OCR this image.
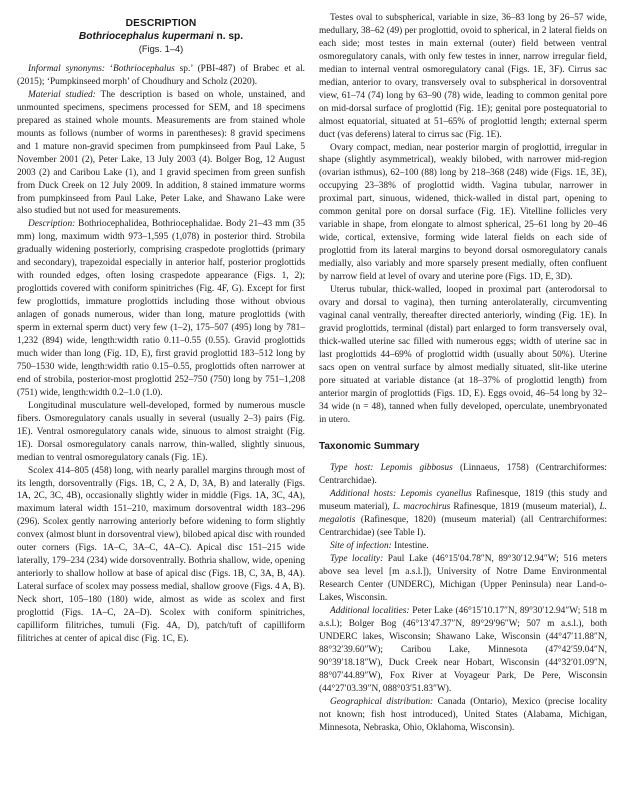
DESCRIPTION
Bothriocephalus kupermani n. sp.
(Figs. 1–4)

Informal synonyms: ‘Bothriocephalus sp.’ (PBI-487) of Brabec et al. (2015); ‘Pumpkinseed morph’ of Choudhury and Scholz (2020).

Material studied: The description is based on whole, unstained, and unmounted specimens, specimens processed for SEM, and 18 specimens prepared as stained whole mounts. Measurements are from stained whole mounts as follows (number of worms in parentheses): 8 gravid specimens and 1 mature non-gravid specimen from pumpkinseed from Paul Lake, 5 November 2001 (2), Peter Lake, 13 July 2003 (4). Bolger Bog, 12 August 2003 (2) and Caribou Lake (1), and 1 gravid specimen from green sunfish from Duck Creek on 12 July 2009. In addition, 8 stained immature worms from pumpkinseed from Paul Lake, Peter Lake, and Shawano Lake were also studied but not used for measurements.

Description: Bothriocephalidea, Bothriocephalidae. Body 21–43 mm (35 mm) long, maximum width 973–1,595 (1,078) in posterior third. Strobila gradually widening posteriorly, comprising craspedote proglottids (primary and secondary), trapezoidal especially in anterior half, posterior proglottids with rounded edges, often losing craspedote appearance (Figs. 1, 2); proglottids covered with coniform spinitriches (Fig. 4F, G). Except for first few proglottids, immature proglottids including those without obvious anlagen of gonads numerous, wider than long, mature proglottids (with sperm in external sperm duct) very few (1–2), 175–507 (495) long by 781–1,232 (894) wide, length:width ratio 0.11–0.55 (0.55). Gravid proglottids much wider than long (Fig. 1D, E), first gravid proglottid 183–512 long by 750–1530 wide, length:width ratio 0.15–0.55, proglottids often narrower at end of strobila, posterior-most proglottid 252–750 (750) long by 751–1,208 (751) wide, length:width 0.2–1.0 (1.0).

Longitudinal musculature well-developed, formed by numerous muscle fibers. Osmoregulatory canals usually in several (usually 2–3) pairs (Fig. 1E). Ventral osmoregulatory canals wide, sinuous to almost straight (Fig. 1E). Dorsal osmoregulatory canals narrow, thin-walled, slightly sinuous, median to ventral osmoregulatory canals (Fig. 1E).

Scolex 414–805 (458) long, with nearly parallel margins through most of its length, dorsoventrally (Figs. 1B, C, 2 A, D, 3A, B) and laterally (Figs. 1A, 2C, 3C, 4B), occasionally slightly wider in middle (Figs. 1A, 3C, 4A), maximum lateral width 151–210, maximum dorsoventral width 183–296 (296). Scolex gently narrowing anteriorly before widening to form slightly convex (almost blunt in dorsoventral view), bilobed apical disc with rounded outer corners (Figs. 1A–C, 3A–C, 4A–C). Apical disc 151–215 wide laterally, 179–234 (234) wide dorsoventrally. Bothria shallow, wide, opening anteriorly to shallow hollow at base of apical disc (Figs. 1B, C, 3A, B, 4A). Lateral surface of scolex may possess medial, shallow groove (Figs. 4 A, B). Neck short, 105–180 (180) wide, almost as wide as scolex and first proglottid (Figs. 1A–C, 2A–D). Scolex with coniform spinitriches, capilliform filitriches, tumuli (Fig. 4A, D), patch/tuft of capilliform filitriches at center of apical disc (Fig. 1C, E).

Testes oval to subspherical, variable in size, 36–83 long by 26–57 wide, medullary, 38–62 (49) per proglottid, ovoid to spherical, in 2 lateral fields on each side; most testes in main external (outer) field between ventral osmoregulatory canals, with only few testes in inner, narrow irregular field, median to internal ventral osmoregulatory canal (Figs. 1E, 3F). Cirrus sac median, anterior to ovary, transversely oval to subspherical in dorsoventral view, 61–74 (74) long by 63–90 (78) wide, leading to common genital pore on mid-dorsal surface of proglottid (Fig. 1E); genital pore postequatorial to almost equatorial, situated at 51–65% of proglottid length; external sperm duct (vas deferens) lateral to cirrus sac (Fig. 1E).

Ovary compact, median, near posterior margin of proglottid, irregular in shape (slightly asymmetrical), weakly bilobed, with narrower mid-region (ovarian isthmus), 62–100 (88) long by 218–368 (248) wide (Figs. 1E, 3E), occupying 23–38% of proglottid width. Vagina tubular, narrower in proximal part, sinuous, widened, thick-walled in distal part, opening to common genital pore on dorsal surface (Fig. 1E). Vitelline follicles very variable in shape, from elongate to almost spherical, 25–61 long by 20–46 wide, cortical, extensive, forming wide lateral fields on each side of proglottid from its lateral margins to beyond dorsal osmoregulatory canals medially, also variably and more sparsely present medially, often confluent by narrow field at level of ovary and uterine pore (Figs. 1D, E, 3D).

Uterus tubular, thick-walled, looped in proximal part (anterodorsal to ovary and dorsal to vagina), then turning anterolaterally, circumventing vaginal canal ventrally, thereafter directed anteriorly, winding (Fig. 1E). In gravid proglottids, terminal (distal) part enlarged to form transversely oval, thick-walled uterine sac filled with numerous eggs; width of uterine sac in last proglottids 44–69% of proglottid width (usually about 50%). Uterine sacs open on ventral surface by almost medially situated, slit-like uterine pore situated at variable distance (at 18–37% of proglottid length) from anterior margin of proglottids (Figs. 1D, E). Eggs ovoid, 46–54 long by 32–34 wide (n = 48), tanned when fully developed, operculate, unembryonated in utero.

Taxonomic Summary

Type host: Lepomis gibbosus (Linnaeus, 1758) (Centrarchiformes: Centrarchidae).

Additional hosts: Lepomis cyanellus Rafinesque, 1819 (this study and museum material), L. macrochirus Rafinesque, 1819 (museum material), L. megalotis (Rafinesque, 1820) (museum material) (all Centrarchiformes: Centrarchidae) (see Table I).

Site of infection: Intestine.

Type locality: Paul Lake (46°15′04.78″N, 89°30′12.94″W; 516 meters above sea level [m a.s.l.]), University of Notre Dame Environmental Research Center (UNDERC), Michigan (Upper Peninsula) near Land-o-Lakes, Wisconsin.

Additional localities: Peter Lake (46°15′10.17″N, 89°30′12.94″W; 518 m a.s.l.); Bolger Bog (46°13′47.37″N, 89°29′96″W; 507 m a.s.l.), both UNDERC lakes, Wisconsin; Shawano Lake, Wisconsin (44°47′11.88″N, 88°32′39.60″W); Caribou Lake, Minnesota (47°42′59.04″N, 90°39′18.18″W), Duck Creek near Hobart, Wisconsin (44°32′01.09″N, 88°07′44.89″W), Fox River at Voyageur Park, De Pere, Wisconsin (44°27′03.39″N, 088°03′51.83″W).

Geographical distribution: Canada (Ontario), Mexico (precise locality not known; fish host introduced), United States (Alabama, Michigan, Minnesota, Nebraska, Ohio, Oklahoma, Wisconsin).
